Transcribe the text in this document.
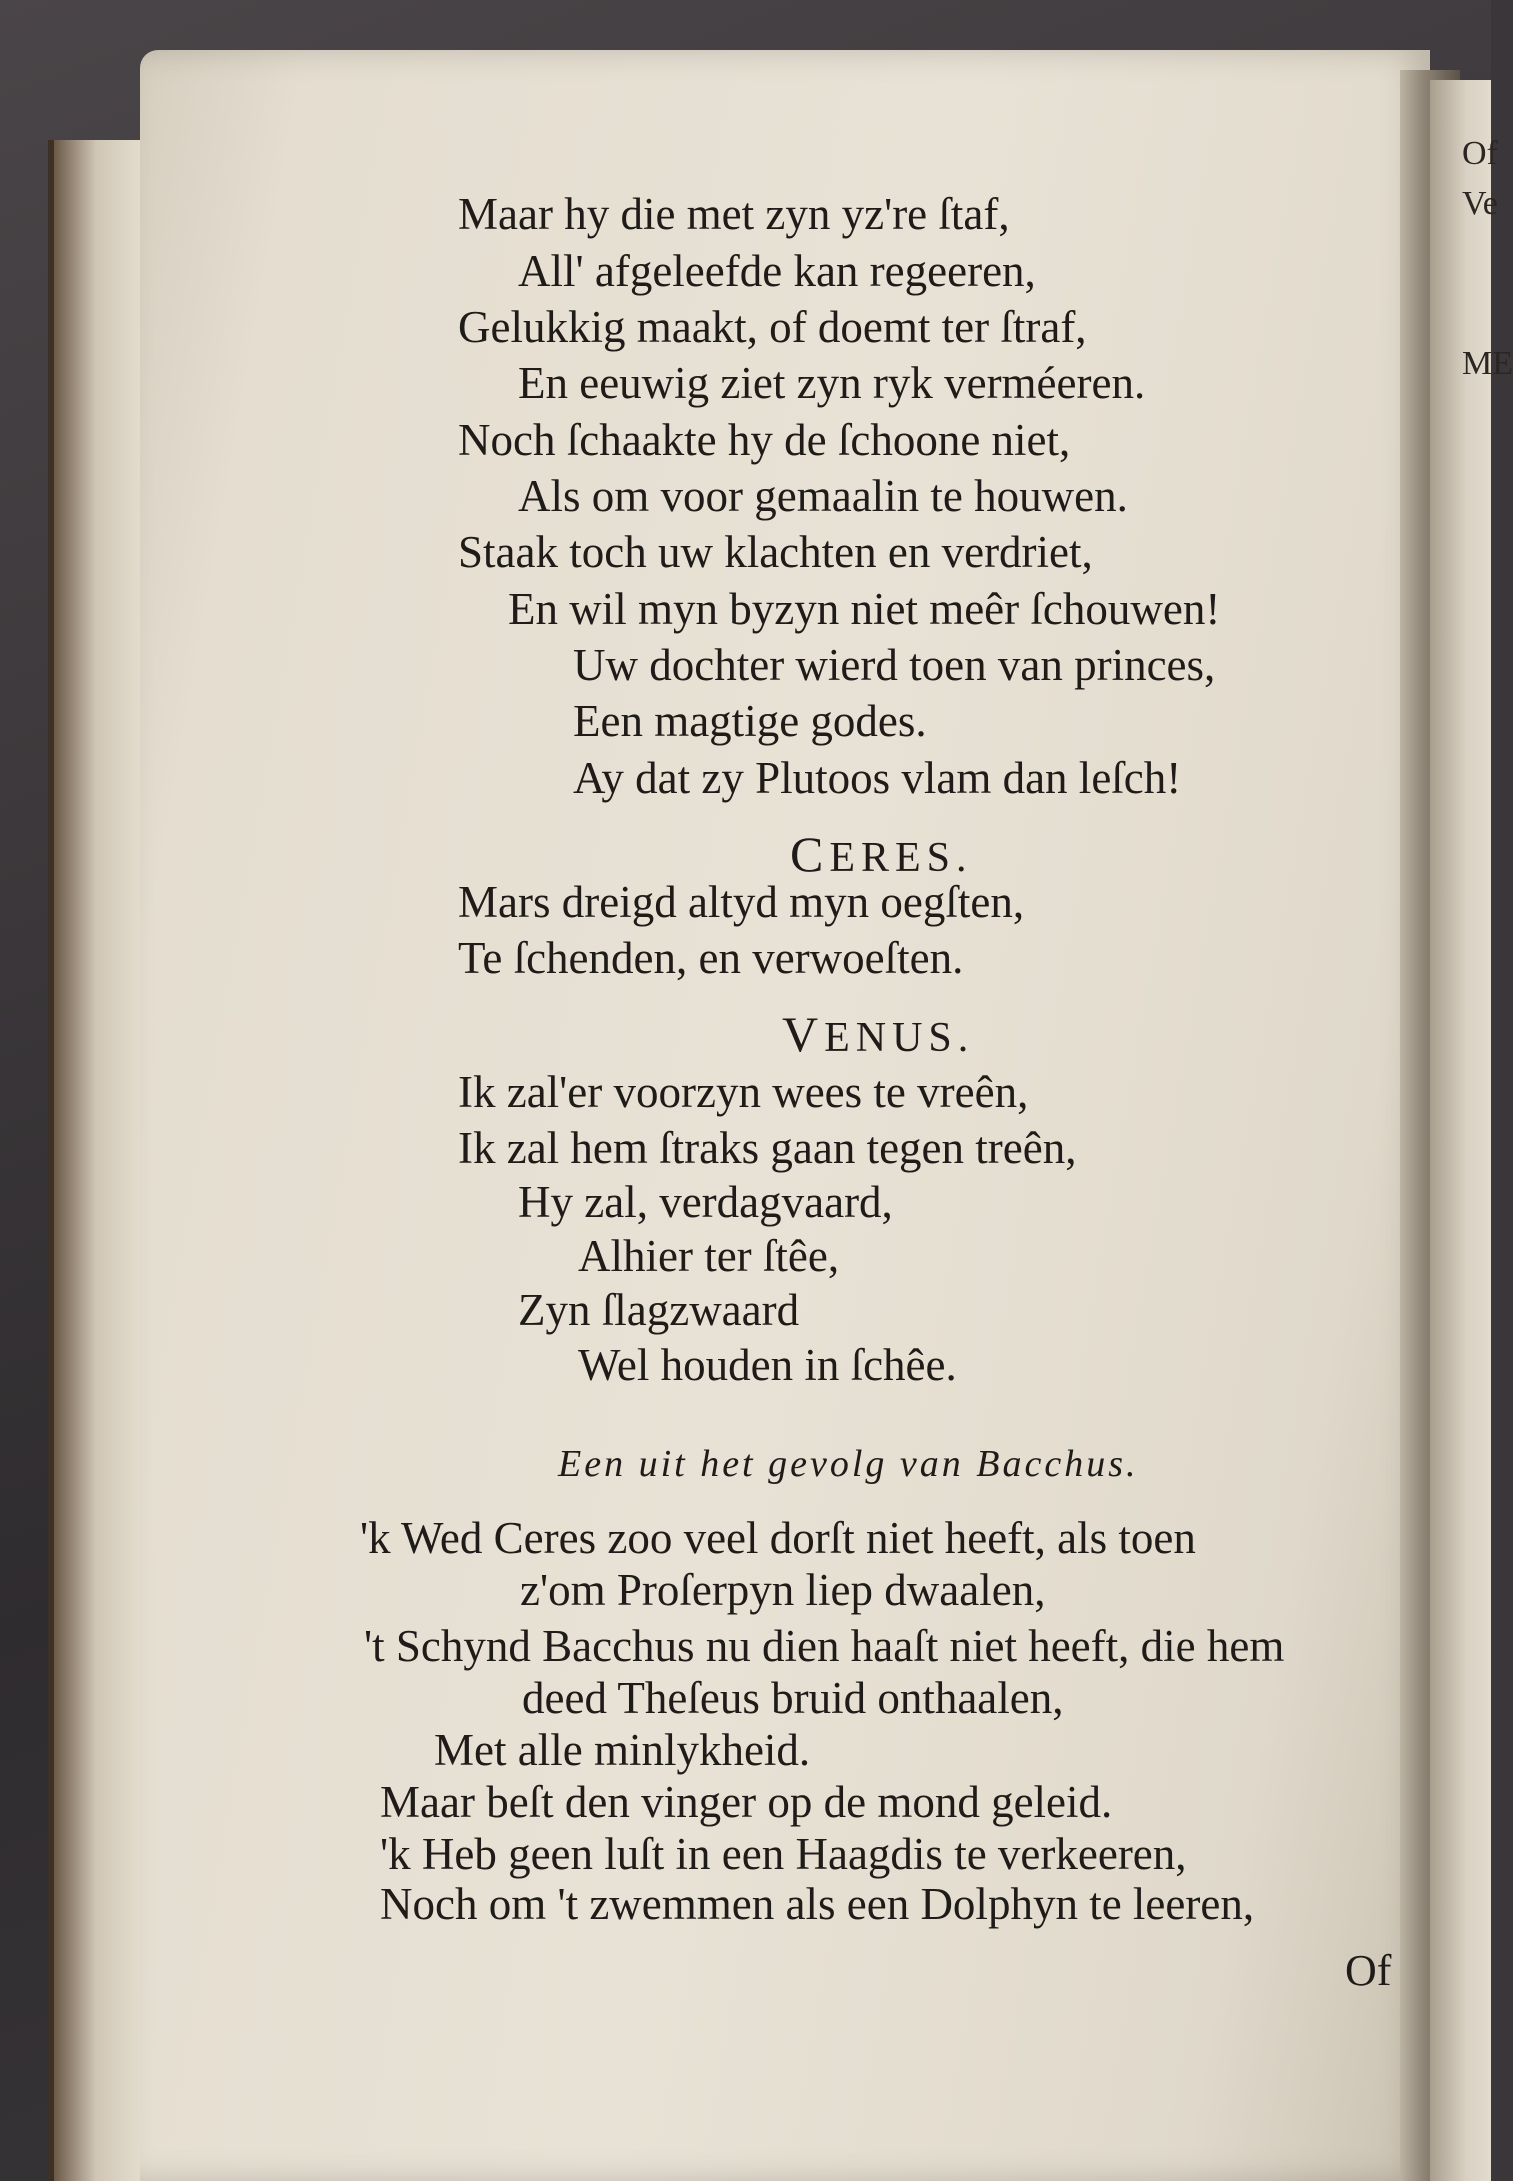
Of
Ve
ME
Maar hy die met zyn yz're ſtaf,
All' afgeleefde kan regeeren,
Gelukkig maakt, of doemt ter ſtraf,
En eeuwig ziet zyn ryk verméeren.
Noch ſchaakte hy de ſchoone niet,
Als om voor gemaalin te houwen.
Staak toch uw klachten en verdriet,
En wil myn byzyn niet meêr ſchouwen!
Uw dochter wierd toen van princes,
Een magtige godes.
Ay dat zy Plutoos vlam dan leſch!
CERES.
Mars dreigd altyd myn oegſten,
Te ſchenden, en verwoeſten.
VENUS.
Ik zal'er voorzyn wees te vreên,
Ik zal hem ſtraks gaan tegen treên,
Hy zal, verdagvaard,
Alhier ter ſtêe,
Zyn ſlagzwaard
Wel houden in ſchêe.
Een uit het gevolg van Bacchus.
'k Wed Ceres zoo veel dorſt niet heeft, als toen
z'om Proſerpyn liep dwaalen,
't Schynd Bacchus nu dien haaſt niet heeft, die hem
deed Theſeus bruid onthaalen,
Met alle minlykheid.
Maar beſt den vinger op de mond geleid.
'k Heb geen luſt in een Haagdis te verkeeren,
Noch om 't zwemmen als een Dolphyn te leeren,
Of
